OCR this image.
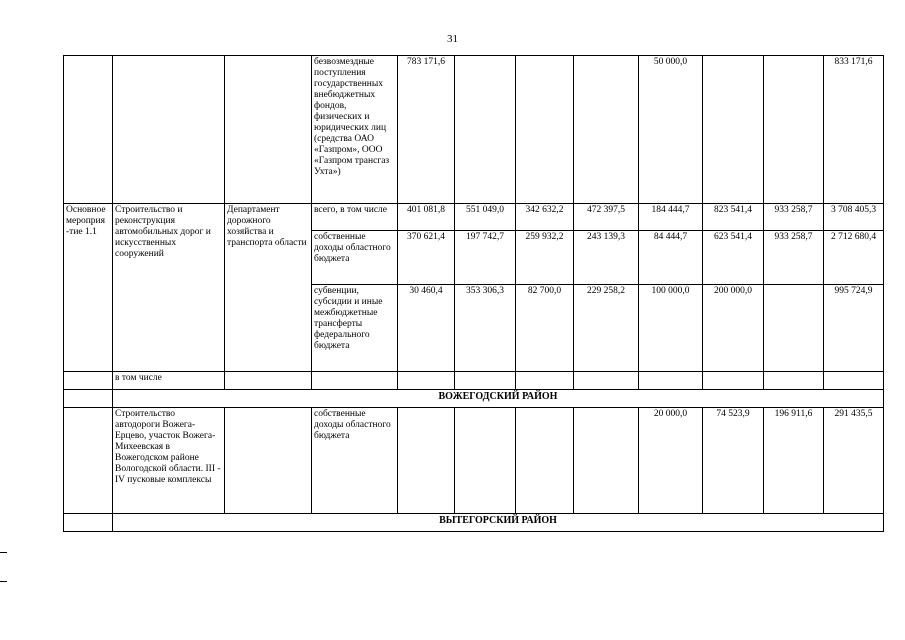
31
			безвозмездные поступления государственных внебюджетных фондов, физических и юридических лиц (средства ОАО «Газпром», ООО «Газпром трансгаз Ухта»)	783 171,6				50 000,0			833 171,6
Основное мероприя -тие 1.1	Строительство и реконструкция автомобильных дорог и искусственных сооружений	Департамент дорожного хозяйства и транспорта области	всего, в том числе	401 081,8	551 049,0	342 632,2	472 397,5	184 444,7	823 541,4	933 258,7	3 708 405,3
			собственные доходы областного бюджета	370 621,4	197 742,7	259 932,2	243 139,3	84 444,7	623 541,4	933 258,7	2 712 680,4
			субвенции, субсидии и иные межбюджетные трансферты федерального бюджета	30 460,4	353 306,3	82 700,0	229 258,2	100 000,0	200 000,0		995 724,9
	в том числе										
	ВОЖЕГОДСКИЙ РАЙОН										
	Строительство автодороги Вожега-Ерцево, участок Вожега-Михеевская в Вожегодском районе Вологодской области. III - IV пусковые комплексы		собственные доходы областного бюджета					20 000,0	74 523,9	196 911,6	291 435,5
	ВЫТЕГОРСКИЙ РАЙОН										
